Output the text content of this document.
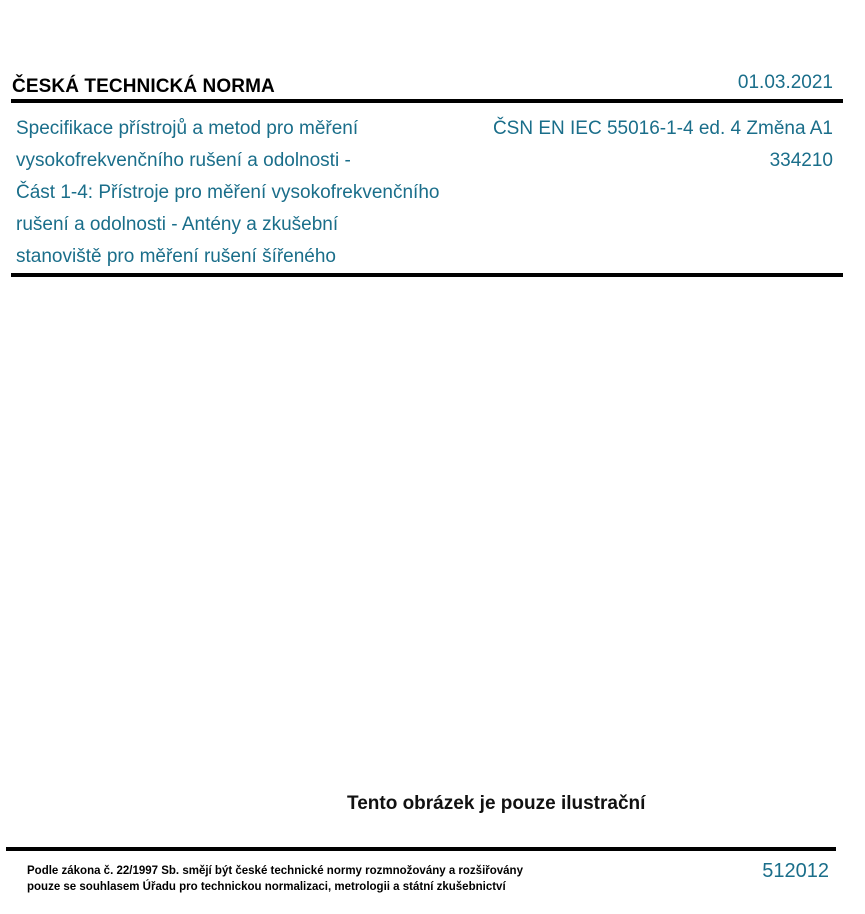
ČESKÁ TECHNICKÁ NORMA	01.03.2021
Specifikace přístrojů a metod pro měření
vysokofrekvenčního rušení a odolnosti -
Část 1-4: Přístroje pro měření vysokofrekvenčního
rušení a odolnosti - Antény a zkušební
stanoviště pro měření rušení šířeného
ČSN EN IEC 55016-1-4 ed. 4 Změna A1
334210
Tento obrázek je pouze ilustrační
Podle zákona č. 22/1997 Sb. smějí být české technické normy rozmnožovány a rozšiřovány
pouze se souhlasem Úřadu pro technickou normalizaci, metrologii a státní zkušebnictví
512012
